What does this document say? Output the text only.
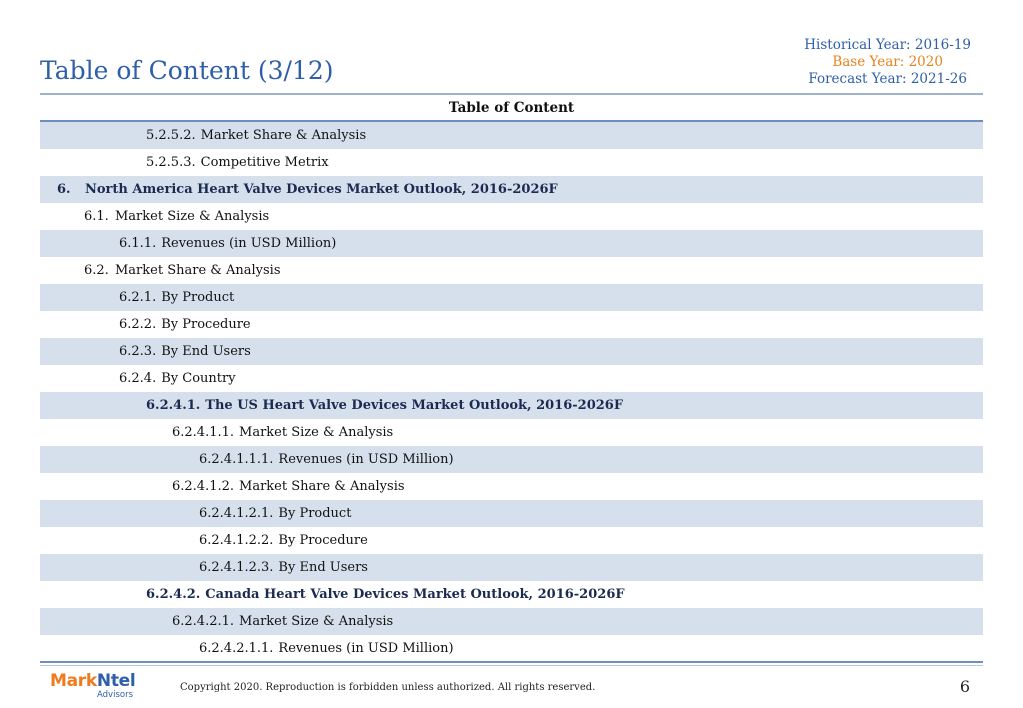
Table of Content (3/12)
Historical Year: 2016-19
Base Year: 2020
Forecast Year: 2021-26
Table of Content
5.2.5.2. Market Share & Analysis
5.2.5.3. Competitive Metrix
6. North America Heart Valve Devices Market Outlook, 2016-2026F
6.1. Market Size & Analysis
6.1.1. Revenues (in USD Million)
6.2. Market Share & Analysis
6.2.1. By Product
6.2.2. By Procedure
6.2.3. By End Users
6.2.4. By Country
6.2.4.1. The US Heart Valve Devices Market Outlook, 2016-2026F
6.2.4.1.1. Market Size & Analysis
6.2.4.1.1.1. Revenues (in USD Million)
6.2.4.1.2. Market Share & Analysis
6.2.4.1.2.1. By Product
6.2.4.1.2.2. By Procedure
6.2.4.1.2.3. By End Users
6.2.4.2. Canada Heart Valve Devices Market Outlook, 2016-2026F
6.2.4.2.1. Market Size & Analysis
6.2.4.2.1.1. Revenues (in USD Million)
MarkNtel
Advisors
Copyright 2020. Reproduction is forbidden unless authorized. All rights reserved.	6
